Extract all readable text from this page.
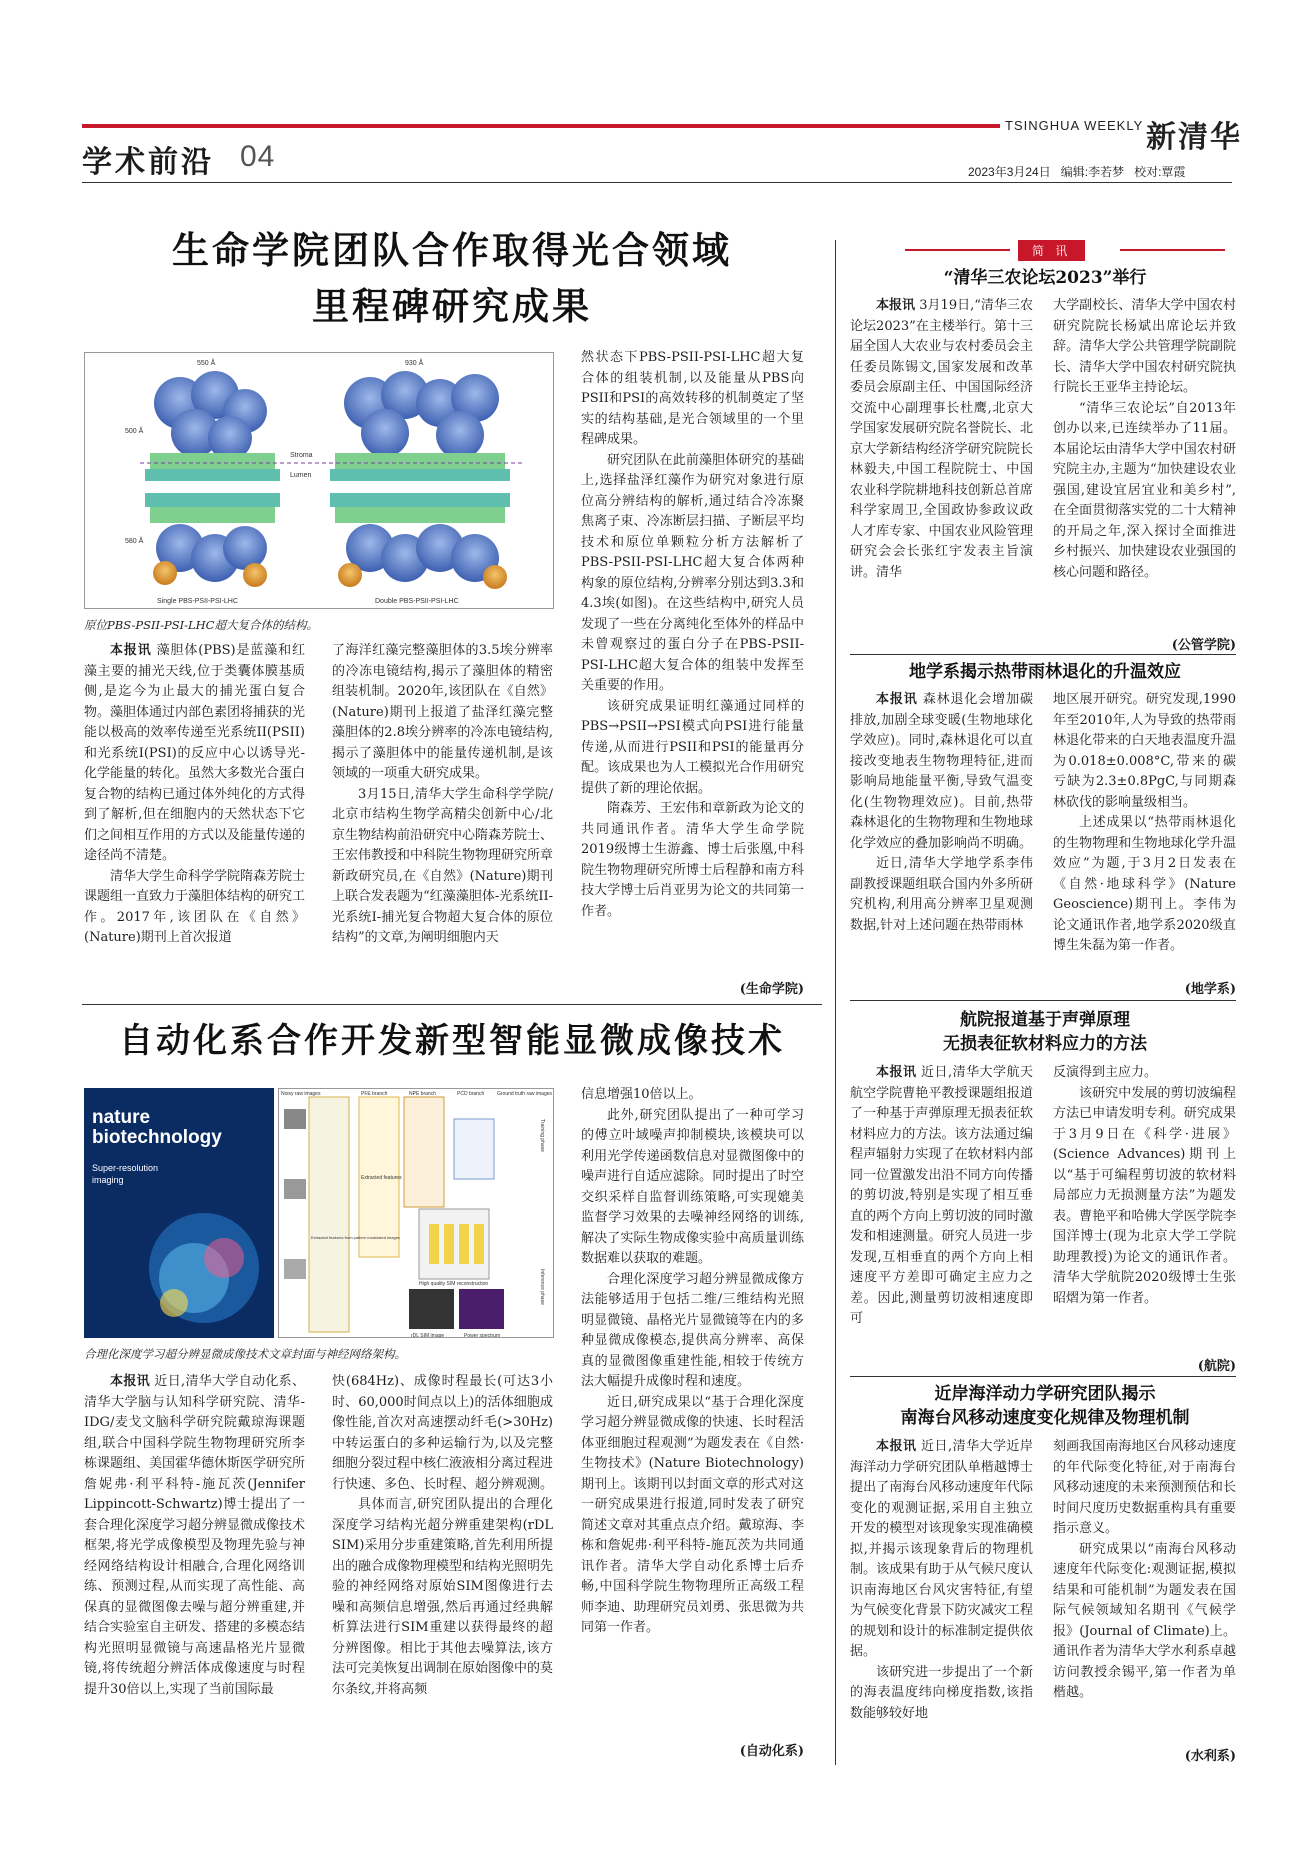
TSINGHUA WEEKLY 新清华
学术前沿 04	2023年3月24日 编辑:李若梦 校对:覃霞
生命学院团队合作取得光合领域
里程碑研究成果
Stroma
Lumen
550 Å	930 Å
500 Å
580 Å
Single PBS-PSII-PSI-LHC	Double PBS-PSII-PSI-LHC
原位PBS-PSII-PSI-LHC超大复合体的结构。

本报讯 藻胆体(PBS)是蓝藻和红藻主要的捕光天线,位于类囊体膜基质侧,是迄今为止最大的捕光蛋白复合物。藻胆体通过内部色素团将捕获的光能以极高的效率传递至光系统II(PSII)和光系统I(PSI)的反应中心以诱导光-化学能量的转化。虽然大多数光合蛋白复合物的结构已通过体外纯化的方式得到了解析,但在细胞内的天然状态下它们之间相互作用的方式以及能量传递的途径尚不清楚。

清华大学生命科学学院隋森芳院士课题组一直致力于藻胆体结构的研究工作。2017年,该团队在《自然》(Nature)期刊上首次报道

了海洋红藻完整藻胆体的3.5埃分辨率的冷冻电镜结构,揭示了藻胆体的精密组装机制。2020年,该团队在《自然》(Nature)期刊上报道了盐泽红藻完整藻胆体的2.8埃分辨率的冷冻电镜结构,揭示了藻胆体中的能量传递机制,是该领域的一项重大研究成果。

3月15日,清华大学生命科学学院/北京市结构生物学高精尖创新中心/北京生物结构前沿研究中心隋森芳院士、王宏伟教授和中科院生物物理研究所章新政研究员,在《自然》(Nature)期刊上联合发表题为“红藻藻胆体-光系统II-光系统I-捕光复合物超大复合体的原位结构”的文章,为阐明细胞内天

然状态下PBS-PSII-PSI-LHC超大复合体的组装机制,以及能量从PBS向PSII和PSI的高效转移的机制奠定了坚实的结构基础,是光合领域里的一个里程碑成果。

研究团队在此前藻胆体研究的基础上,选择盐泽红藻作为研究对象进行原位高分辨结构的解析,通过结合冷冻聚焦离子束、冷冻断层扫描、子断层平均技术和原位单颗粒分析方法解析了PBS-PSII-PSI-LHC超大复合体两种构象的原位结构,分辨率分别达到3.3和4.3埃(如图)。在这些结构中,研究人员发现了一些在分离纯化至体外的样品中未曾观察过的蛋白分子在PBS-PSII-PSI-LHC超大复合体的组装中发挥至关重要的作用。

该研究成果证明红藻通过同样的PBS→PSII→PSI模式向PSI进行能量传递,从而进行PSII和PSI的能量再分配。该成果也为人工模拟光合作用研究提供了新的理论依据。

隋森芳、王宏伟和章新政为论文的共同通讯作者。清华大学生命学院2019级博士生游鑫、博士后张凰,中科院生物物理研究所博士后程静和南方科技大学博士后肖亚男为论文的共同第一作者。

(生命学院)
自动化系合作开发新型智能显微成像技术
nature
biotechnology
Super-resolution imaging
Noisy raw images	PFE branch	NPE branch	PCD branch	Ground truth raw images
Extracted features
Extracted features from pattern modulated images
High quality SIM reconstruction
rDL SIM image	Power spectrum
Training phase
Inference phase
合理化深度学习超分辨显微成像技术文章封面与神经网络架构。

本报讯 近日,清华大学自动化系、清华大学脑与认知科学研究院、清华-IDG/麦戈文脑科学研究院戴琼海课题组,联合中国科学院生物物理研究所李栋课题组、美国霍华德休斯医学研究所詹妮弗·利平科特-施瓦茨(Jennifer Lippincott-Schwartz)博士提出了一套合理化深度学习超分辨显微成像技术框架,将光学成像模型及物理先验与神经网络结构设计相融合,合理化网络训练、预测过程,从而实现了高性能、高保真的显微图像去噪与超分辨重建,并结合实验室自主研发、搭建的多模态结构光照明显微镜与高速晶格光片显微镜,将传统超分辨活体成像速度与时程提升30倍以上,实现了当前国际最

快(684Hz)、成像时程最长(可达3小时、60,000时间点以上)的活体细胞成像性能,首次对高速摆动纤毛(>30Hz)中转运蛋白的多种运输行为,以及完整细胞分裂过程中核仁液液相分离过程进行快速、多色、长时程、超分辨观测。

具体而言,研究团队提出的合理化深度学习结构光超分辨重建架构(rDL SIM)采用分步重建策略,首先利用所提出的融合成像物理模型和结构光照明先验的神经网络对原始SIM图像进行去噪和高频信息增强,然后再通过经典解析算法进行SIM重建以获得最终的超分辨图像。相比于其他去噪算法,该方法可完美恢复出调制在原始图像中的莫尔条纹,并将高频

信息增强10倍以上。

此外,研究团队提出了一种可学习的傅立叶域噪声抑制模块,该模块可以利用光学传递函数信息对显微图像中的噪声进行自适应滤除。同时提出了时空交织采样自监督训练策略,可实现媲美监督学习效果的去噪神经网络的训练,解决了实际生物成像实验中高质量训练数据难以获取的难题。

合理化深度学习超分辨显微成像方法能够适用于包括二维/三维结构光照明显微镜、晶格光片显微镜等在内的多种显微成像模态,提供高分辨率、高保真的显微图像重建性能,相较于传统方法大幅提升成像时程和速度。

近日,研究成果以“基于合理化深度学习超分辨显微成像的快速、长时程活体亚细胞过程观测”为题发表在《自然·生物技术》(Nature Biotechnology)期刊上。该期刊以封面文章的形式对这一研究成果进行报道,同时发表了研究简述文章对其重点点介绍。戴琼海、李栋和詹妮弗·利平科特-施瓦茨为共同通讯作者。清华大学自动化系博士后乔畅,中国科学院生物物理所正高级工程师李迪、助理研究员刘勇、张思微为共同第一作者。

(自动化系)
简 讯
“清华三农论坛2023”举行

本报讯 3月19日,“清华三农论坛2023”在主楼举行。第十三届全国人大农业与农村委员会主任委员陈锡文,国家发展和改革委员会原副主任、中国国际经济交流中心副理事长杜鹰,北京大学国家发展研究院名誉院长、北京大学新结构经济学研究院院长林毅夫,中国工程院院士、中国农业科学院耕地科技创新总首席科学家周卫,全国政协参政议政人才库专家、中国农业风险管理研究会会长张红宇发表主旨演讲。清华

大学副校长、清华大学中国农村研究院院长杨斌出席论坛并致辞。清华大学公共管理学院副院长、清华大学中国农村研究院执行院长王亚华主持论坛。

“清华三农论坛”自2013年创办以来,已连续举办了11届。本届论坛由清华大学中国农村研究院主办,主题为“加快建设农业强国,建设宜居宜业和美乡村”,在全面贯彻落实党的二十大精神的开局之年,深入探讨全面推进乡村振兴、加快建设农业强国的核心问题和路径。

(公管学院)
地学系揭示热带雨林退化的升温效应

本报讯 森林退化会增加碳排放,加剧全球变暖(生物地球化学效应)。同时,森林退化可以直接改变地表生物物理特征,进而影响局地能量平衡,导致气温变化(生物物理效应)。目前,热带森林退化的生物物理和生物地球化学效应的叠加影响尚不明确。

近日,清华大学地学系李伟副教授课题组联合国内外多所研究机构,利用高分辨率卫星观测数据,针对上述问题在热带雨林

地区展开研究。研究发现,1990年至2010年,人为导致的热带雨林退化带来的白天地表温度升温为0.018±0.008°C,带来的碳亏缺为2.3±0.8PgC,与同期森林砍伐的影响量级相当。

上述成果以“热带雨林退化的生物物理和生物地球化学升温效应”为题,于3月2日发表在《自然·地球科学》(Nature Geoscience)期刊上。李伟为论文通讯作者,地学系2020级直博生朱磊为第一作者。

(地学系)
航院报道基于声弹原理
无损表征软材料应力的方法

本报讯 近日,清华大学航天航空学院曹艳平教授课题组报道了一种基于声弹原理无损表征软材料应力的方法。该方法通过编程声辐射力实现了在软材料内部同一位置激发出沿不同方向传播的剪切波,特别是实现了相互垂直的两个方向上剪切波的同时激发和相速测量。研究人员进一步发现,互相垂直的两个方向上相速度平方差即可确定主应力之差。因此,测量剪切波相速度即可

反演得到主应力。

该研究中发展的剪切波编程方法已申请发明专利。研究成果于3月9日在《科学·进展》(Science Advances)期刊上以“基于可编程剪切波的软材料局部应力无损测量方法”为题发表。曹艳平和哈佛大学医学院李国洋博士(现为北京大学工学院助理教授)为论文的通讯作者。清华大学航院2020级博士生张昭熠为第一作者。

(航院)
近岸海洋动力学研究团队揭示
南海台风移动速度变化规律及物理机制

本报讯 近日,清华大学近岸海洋动力学研究团队单楷越博士提出了南海台风移动速度年代际变化的观测证据,采用自主独立开发的模型对该现象实现准确模拟,并揭示该现象背后的物理机制。该成果有助于从气候尺度认识南海地区台风灾害特征,有望为气候变化背景下防灾减灾工程的规划和设计的标准制定提供依据。

该研究进一步提出了一个新的海表温度纬向梯度指数,该指数能够较好地

刻画我国南海地区台风移动速度的年代际变化特征,对于南海台风移动速度的未来预测预估和长时间尺度历史数据重构具有重要指示意义。

研究成果以“南海台风移动速度年代际变化:观测证据,模拟结果和可能机制”为题发表在国际气候领域知名期刊《气候学报》(Journal of Climate)上。通讯作者为清华大学水利系卓越访问教授余锡平,第一作者为单楷越。

(水利系)
